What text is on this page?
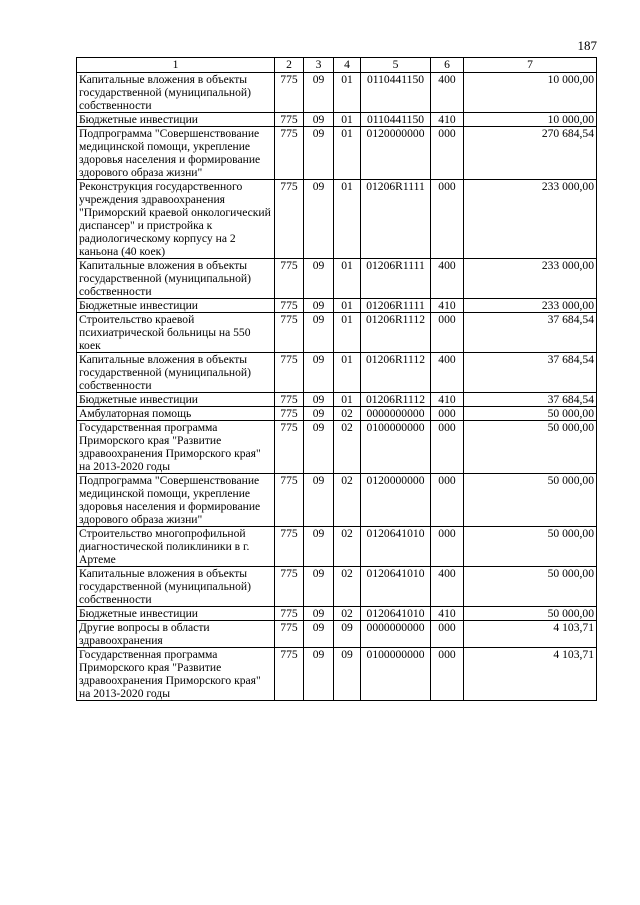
187
1	2	3	4	5	6	7
Капитальные вложения в объекты государственной (муниципальной) собственности	775	09	01	0110441150	400	10 000,00
Бюджетные инвестиции	775	09	01	0110441150	410	10 000,00
Подпрограмма "Совершенствование медицинской помощи, укрепление здоровья населения и формирование здорового образа жизни"	775	09	01	0120000000	000	270 684,54
Реконструкция государственного учреждения здравоохранения "Приморский краевой онкологический диспансер" и пристройка к радиологическому корпусу на 2 каньона (40 коек)	775	09	01	01206R1111	000	233 000,00
Капитальные вложения в объекты государственной (муниципальной) собственности	775	09	01	01206R1111	400	233 000,00
Бюджетные инвестиции	775	09	01	01206R1111	410	233 000,00
Строительство краевой психиатрической больницы на 550 коек	775	09	01	01206R1112	000	37 684,54
Капитальные вложения в объекты государственной (муниципальной) собственности	775	09	01	01206R1112	400	37 684,54
Бюджетные инвестиции	775	09	01	01206R1112	410	37 684,54
Амбулаторная помощь	775	09	02	0000000000	000	50 000,00
Государственная программа Приморского края "Развитие здравоохранения Приморского края" на 2013-2020 годы	775	09	02	0100000000	000	50 000,00
Подпрограмма "Совершенствование медицинской помощи, укрепление здоровья населения и формирование здорового образа жизни"	775	09	02	0120000000	000	50 000,00
Строительство многопрофильной диагностической поликлиники в г. Артеме	775	09	02	0120641010	000	50 000,00
Капитальные вложения в объекты государственной (муниципальной) собственности	775	09	02	0120641010	400	50 000,00
Бюджетные инвестиции	775	09	02	0120641010	410	50 000,00
Другие вопросы в области здравоохранения	775	09	09	0000000000	000	4 103,71
Государственная программа Приморского края "Развитие здравоохранения Приморского края" на 2013-2020 годы	775	09	09	0100000000	000	4 103,71
